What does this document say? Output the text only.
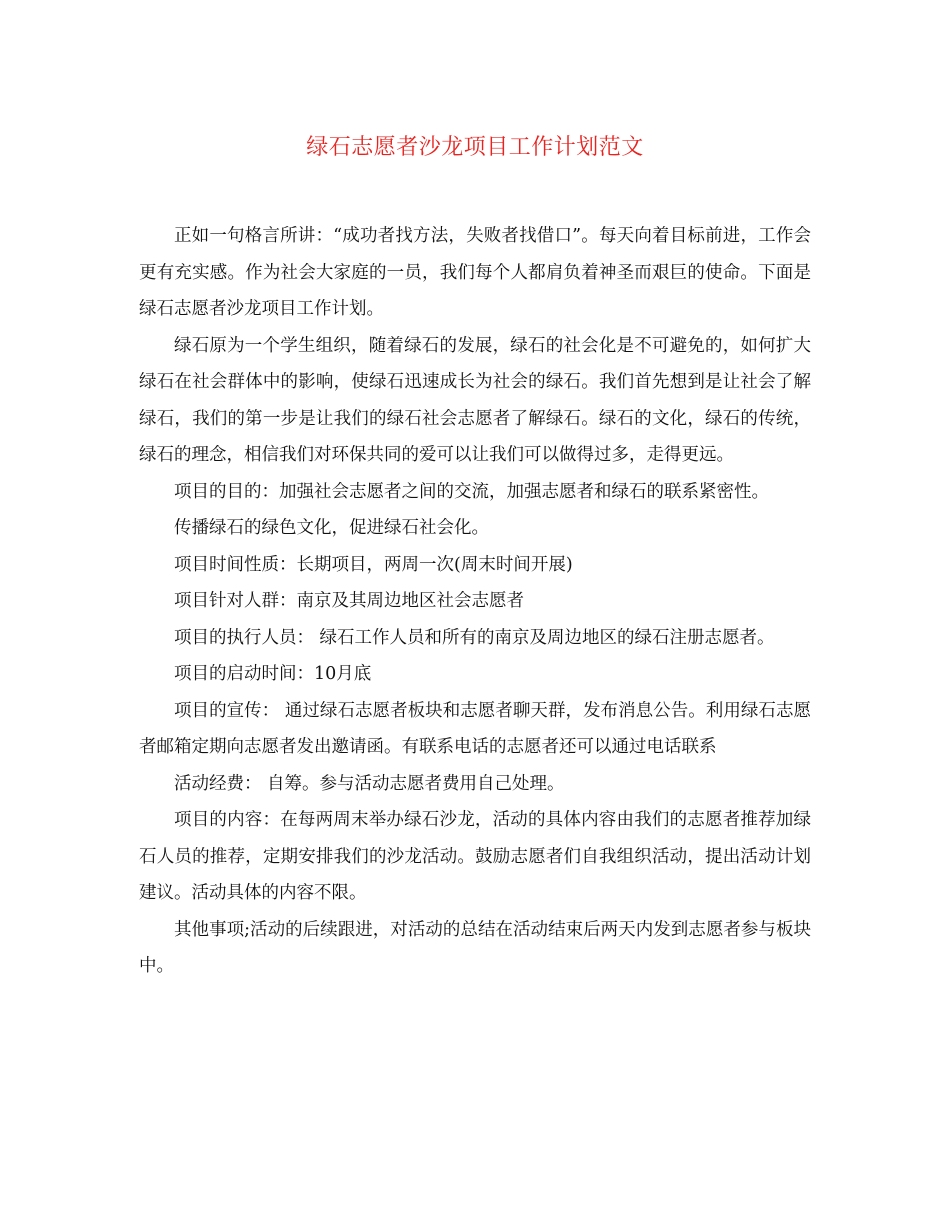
绿石志愿者沙龙项目工作计划范文

正如一句格言所讲：“成功者找方法，失败者找借口”。每天向着目标前进，工作会更有充实感。作为社会大家庭的一员，我们每个人都肩负着神圣而艰巨的使命。下面是绿石志愿者沙龙项目工作计划。

绿石原为一个学生组织，随着绿石的发展，绿石的社会化是不可避免的，如何扩大绿石在社会群体中的影响，使绿石迅速成长为社会的绿石。我们首先想到是让社会了解绿石，我们的第一步是让我们的绿石社会志愿者了解绿石。绿石的文化，绿石的传统，绿石的理念，相信我们对环保共同的爱可以让我们可以做得过多，走得更远。

项目的目的：加强社会志愿者之间的交流，加强志愿者和绿石的联系紧密性。

传播绿石的绿色文化，促进绿石社会化。

项目时间性质：长期项目，两周一次(周末时间开展)

项目针对人群：南京及其周边地区社会志愿者

项目的执行人员： 绿石工作人员和所有的南京及周边地区的绿石注册志愿者。

项目的启动时间：10月底

项目的宣传： 通过绿石志愿者板块和志愿者聊天群，发布消息公告。利用绿石志愿者邮箱定期向志愿者发出邀请函。有联系电话的志愿者还可以通过电话联系

活动经费： 自筹。参与活动志愿者费用自己处理。

项目的内容：在每两周末举办绿石沙龙，活动的具体内容由我们的志愿者推荐加绿石人员的推荐，定期安排我们的沙龙活动。鼓励志愿者们自我组织活动，提出活动计划建议。活动具体的内容不限。

其他事项;活动的后续跟进，对活动的总结在活动结束后两天内发到志愿者参与板块中。
